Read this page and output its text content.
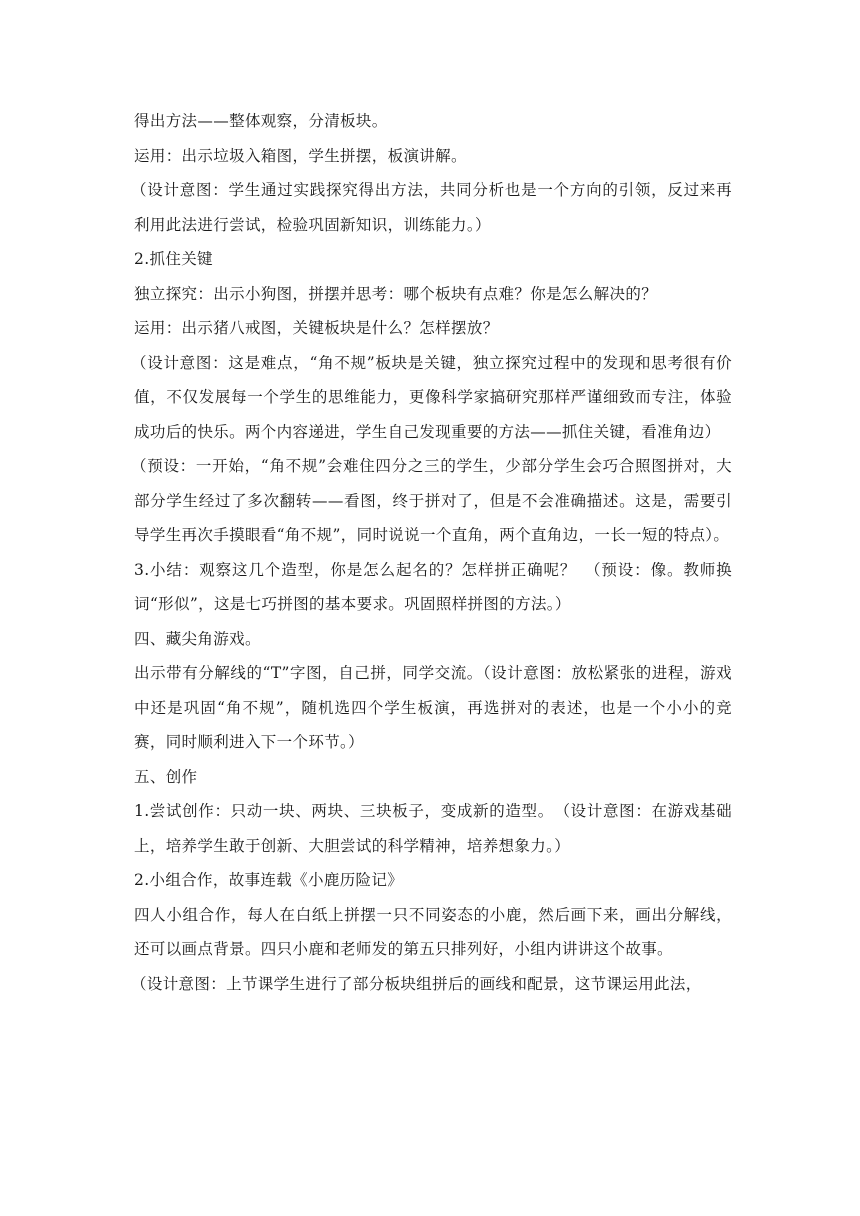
得出方法——整体观察，分清板块。

运用：出示垃圾入箱图，学生拼摆，板演讲解。

（设计意图：学生通过实践探究得出方法，共同分析也是一个方向的引领，反过来再利用此法进行尝试，检验巩固新知识，训练能力。）

2.抓住关键

独立探究：出示小狗图，拼摆并思考：哪个板块有点难？你是怎么解决的？

运用：出示猪八戒图，关键板块是什么？怎样摆放？

（设计意图：这是难点，“角不规”板块是关键，独立探究过程中的发现和思考很有价值，不仅发展每一个学生的思维能力，更像科学家搞研究那样严谨细致而专注，体验成功后的快乐。两个内容递进，学生自己发现重要的方法——抓住关键，看准角边）

（预设：一开始，“角不规”会难住四分之三的学生，少部分学生会巧合照图拼对，大部分学生经过了多次翻转——看图，终于拼对了，但是不会准确描述。这是，需要引导学生再次手摸眼看“角不规”，同时说说一个直角，两个直角边，一长一短的特点）。

3.小结：观察这几个造型，你是怎么起名的？怎样拼正确呢？　（预设：像。教师换词“形似”，这是七巧拼图的基本要求。巩固照样拼图的方法。）

四、藏尖角游戏。

出示带有分解线的“T”字图，自己拼，同学交流。（设计意图：放松紧张的进程，游戏中还是巩固“角不规”，随机选四个学生板演，再选拼对的表述，也是一个小小的竞赛，同时顺利进入下一个环节。）

五、创作

1.尝试创作：只动一块、两块、三块板子，变成新的造型。　（设计意图：在游戏基础上，培养学生敢于创新、大胆尝试的科学精神，培养想象力。）

2.小组合作，故事连载《小鹿历险记》

四人小组合作，每人在白纸上拼摆一只不同姿态的小鹿，然后画下来，画出分解线，还可以画点背景。四只小鹿和老师发的第五只排列好，小组内讲讲这个故事。

（设计意图：上节课学生进行了部分板块组拼后的画线和配景，这节课运用此法，
